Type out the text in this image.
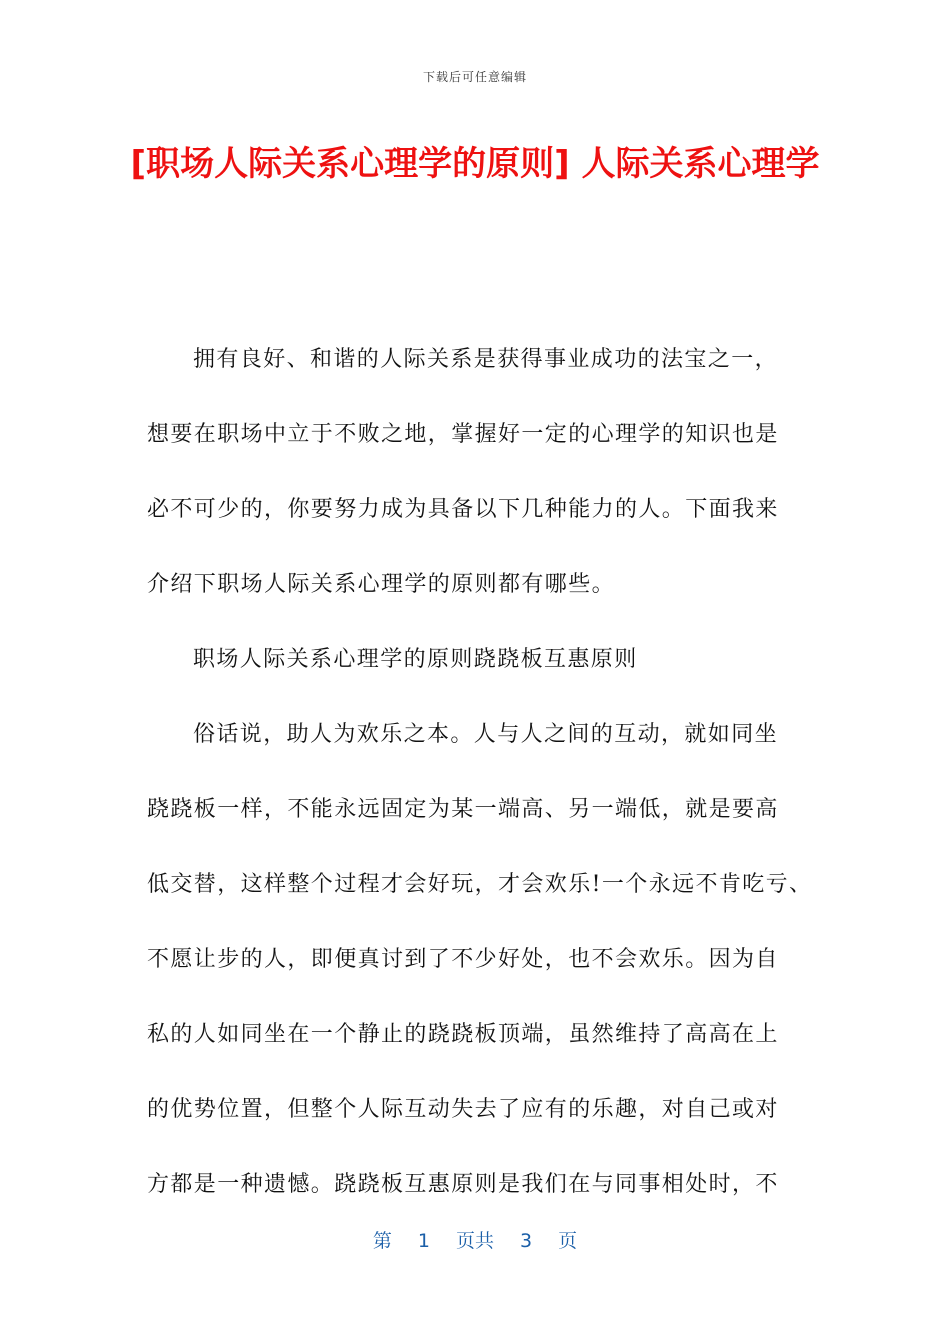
下载后可任意编辑
[职场人际关系心理学的原则] 人际关系心理学
拥有良好、和谐的人际关系是获得事业成功的法宝之一，
想要在职场中立于不败之地，掌握好一定的心理学的知识也是
必不可少的，你要努力成为具备以下几种能力的人。下面我来
介绍下职场人际关系心理学的原则都有哪些。
职场人际关系心理学的原则跷跷板互惠原则
俗话说，助人为欢乐之本。人与人之间的互动，就如同坐
跷跷板一样，不能永远固定为某一端高、另一端低，就是要高
低交替，这样整个过程才会好玩，才会欢乐!一个永远不肯吃亏、
不愿让步的人，即便真讨到了不少好处，也不会欢乐。因为自
私的人如同坐在一个静止的跷跷板顶端，虽然维持了高高在上
的优势位置，但整个人际互动失去了应有的乐趣，对自己或对
方都是一种遗憾。跷跷板互惠原则是我们在与同事相处时，不
第 1 页共 3 页
